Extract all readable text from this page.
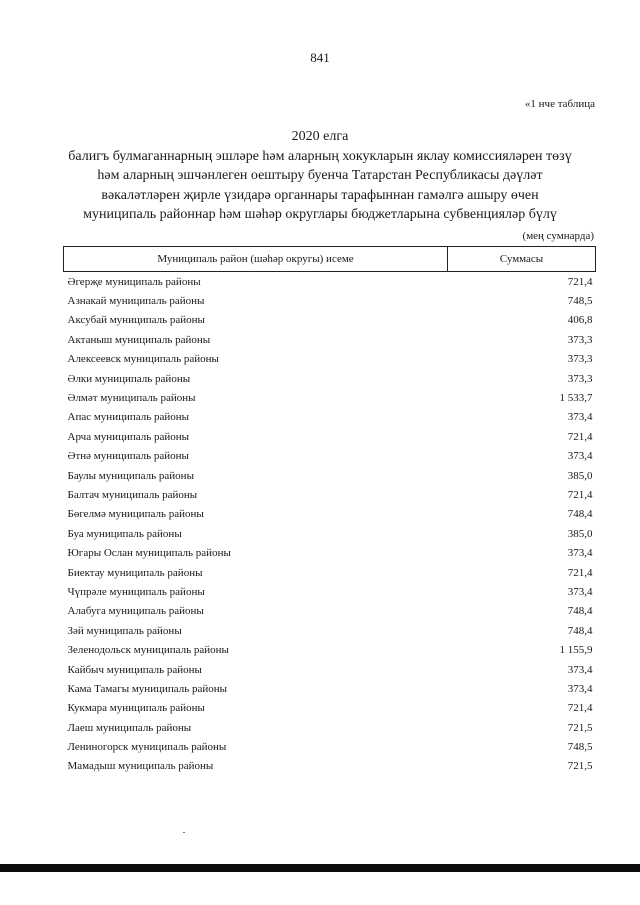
841
«1 нче таблица
2020 елга
балигъ булмаганнарның эшләре һәм аларның хокукларын яклау комиссияләрен төзү
һәм аларның эшчәнлеген оештыру буенча Татарстан Республикасы дәүләт
вәкаләтләрен җирле үзидарә органнары тарафыннан гамәлгә ашыру өчен
муниципаль районнар һәм шәһәр округлары бюджетларына субвенцияләр бүлү
(мең сумнарда)
Муниципаль район (шәһәр округы) исеме	Суммасы
Әгерҗе муниципаль районы	721,4
Азнакай муниципаль районы	748,5
Аксубай муниципаль районы	406,8
Актаныш муниципаль районы	373,3
Алексеевск муниципаль районы	373,3
Әлки муниципаль районы	373,3
Әлмәт муниципаль районы	1 533,7
Апас муниципаль районы	373,4
Арча муниципаль районы	721,4
Әтнә муниципаль районы	373,4
Баулы муниципаль районы	385,0
Балтач муниципаль районы	721,4
Бөгелмә муниципаль районы	748,4
Буа муниципаль районы	385,0
Югары Ослан муниципаль районы	373,4
Биектау муниципаль районы	721,4
Чүпрәле муниципаль районы	373,4
Алабуга муниципаль районы	748,4
Зәй муниципаль районы	748,4
Зеленодольск муниципаль районы	1 155,9
Кайбыч муниципаль районы	373,4
Кама Тамагы муниципаль районы	373,4
Кукмара муниципаль районы	721,4
Лаеш муниципаль районы	721,5
Лениногорск муниципаль районы	748,5
Мамадыш муниципаль районы	721,5
